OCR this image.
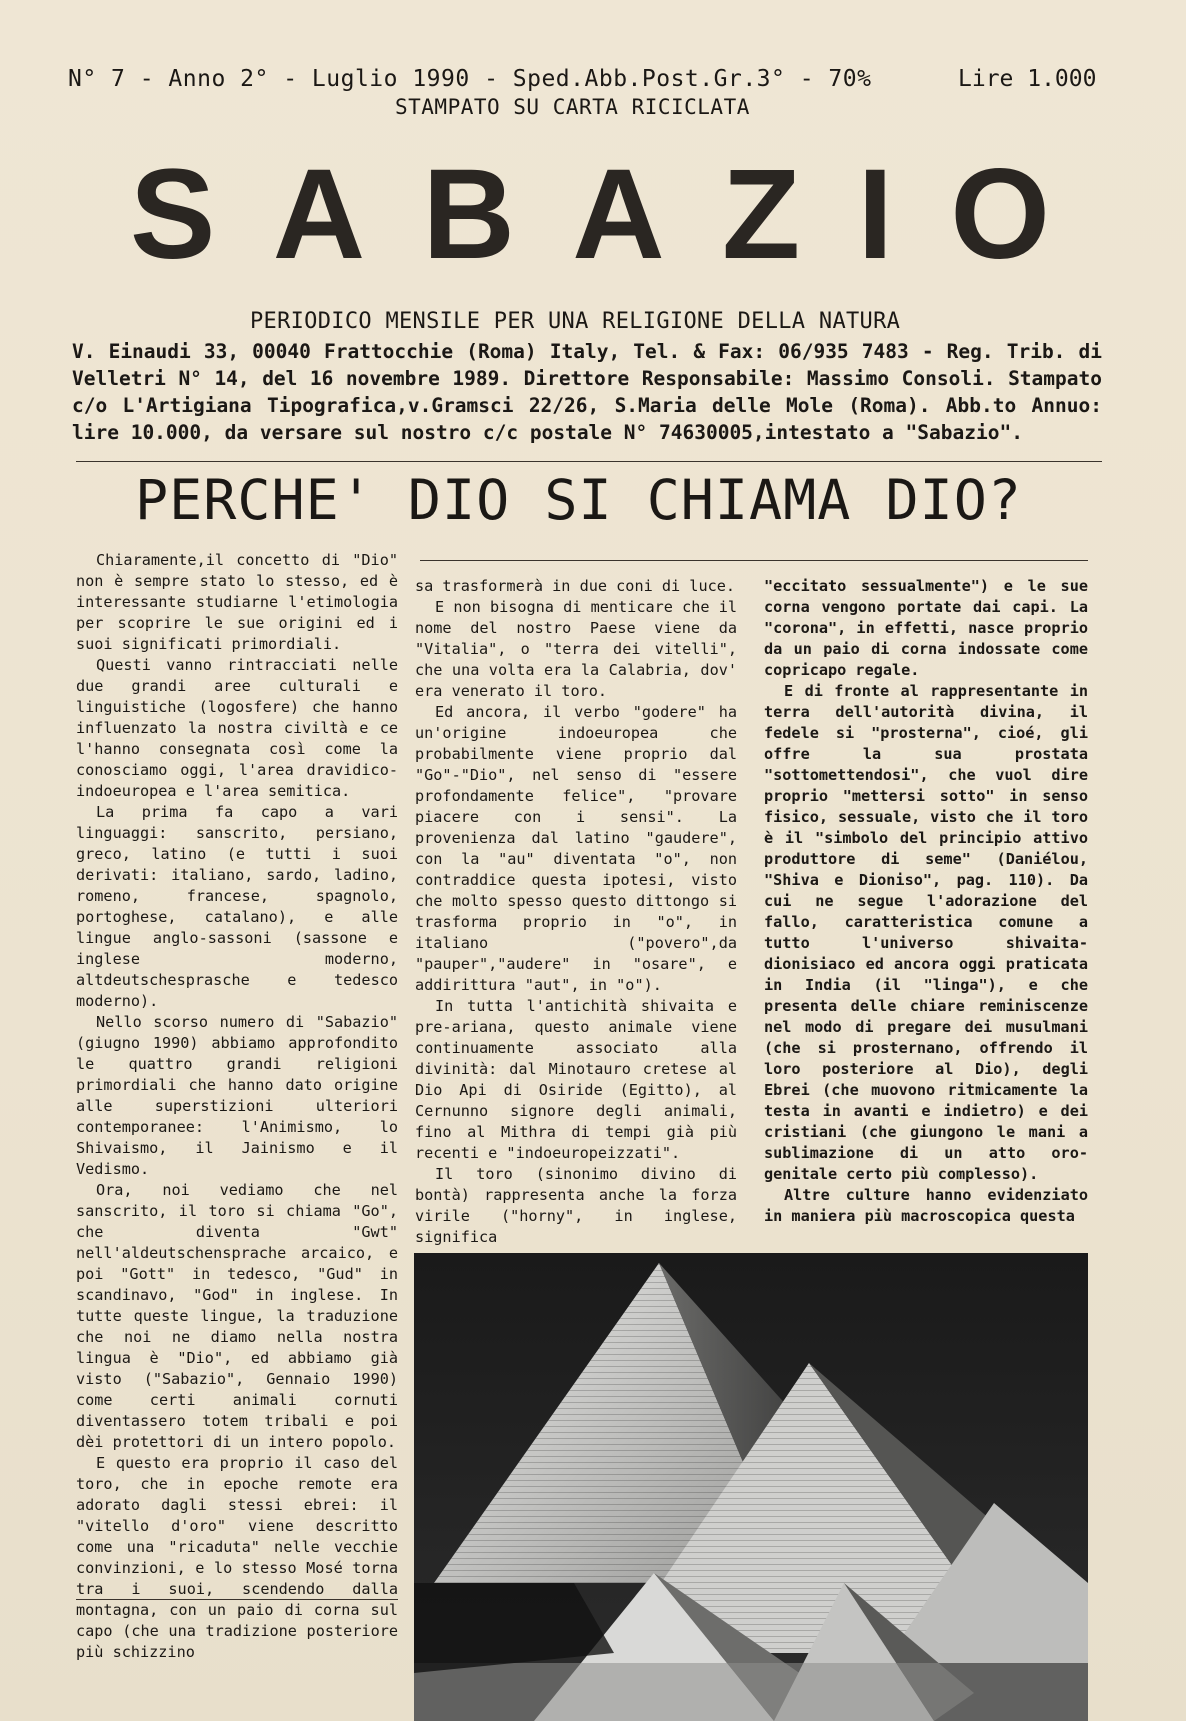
N° 7 - Anno 2° - Luglio 1990 - Sped.Abb.Post.Gr.3° - 70%	Lire 1.000
STAMPATO SU CARTA RICICLATA
S A B A Z I O
PERIODICO MENSILE PER UNA RELIGIONE DELLA NATURA
V. Einaudi 33, 00040 Frattocchie (Roma) Italy, Tel. & Fax: 06/935 7483 - Reg. Trib. di Velletri N° 14, del 16 novembre 1989. Direttore Responsabile: Massimo Consoli. Stampato c/o L'Artigiana Tipografica,v.Gramsci 22/26, S.Maria delle Mole (Roma). Abb.to Annuo: lire 10.000, da versare sul nostro c/c postale N° 74630005,intestato a "Sabazio".
PERCHE' DIO SI CHIAMA DIO?

Chiaramente,il concetto di "Dio" non è sempre stato lo stesso, ed è interessante studiarne l'etimologia per scoprire le sue origini ed i suoi significati primordiali.

Questi vanno rintracciati nelle due grandi aree culturali e linguistiche (logosfere) che hanno influenzato la nostra civiltà e ce l'hanno consegnata così come la conosciamo oggi, l'area dravidico-indoeuropea e l'area semitica.

La prima fa capo a vari linguaggi: sanscrito, persiano, greco, latino (e tutti i suoi derivati: italiano, sardo, ladino, romeno, francese, spagnolo, portoghese, catalano), e alle lingue anglo-sassoni (sassone e inglese moderno, altdeutschesprasche e tedesco moderno).

Nello scorso numero di "Sabazio" (giugno 1990) abbiamo approfondito le quattro grandi religioni primordiali che hanno dato origine alle superstizioni ulteriori contemporanee: l'Animismo, lo Shivaismo, il Jainismo e il Vedismo.

Ora, noi vediamo che nel sanscrito, il toro si chiama "Go", che diventa "Gwt" nell'aldeutschensprache arcaico, e poi "Gott" in tedesco, "Gud" in scandinavo, "God" in inglese. In tutte queste lingue, la traduzione che noi ne diamo nella nostra lingua è "Dio", ed abbiamo già visto ("Sabazio", Gennaio 1990) come certi animali cornuti diventassero totem tribali e poi dèi protettori di un intero popolo.

E questo era proprio il caso del toro, che in epoche remote era adorato dagli stessi ebrei: il "vitello d'oro" viene descritto come una "ricaduta" nelle vecchie convinzioni, e lo stesso Mosé torna tra i suoi, scendendo dalla montagna, con un paio di corna sul capo (che una tradizione posteriore più schizzino

sa trasformerà in due coni di luce.

E non bisogna di menticare che il nome del nostro Paese viene da "Vitalia", o "terra dei vitelli", che una volta era la Calabria, dov' era venerato il toro.

Ed ancora, il verbo "godere" ha un'origine indoeuropea che probabilmente viene proprio dal "Go"-"Dio", nel senso di "essere profondamente felice", "provare piacere con i sensi". La provenienza dal latino "gaudere", con la "au" diventata "o", non contraddice questa ipotesi, visto che molto spesso questo dittongo si trasforma proprio in "o", in italiano ("povero",da "pauper","audere" in "osare", e addirittura "aut", in "o").

In tutta l'antichità shivaita e pre-ariana, questo animale viene continuamente associato alla divinità: dal Minotauro cretese al Dio Api di Osiride (Egitto), al Cernunno signore degli animali, fino al Mithra di tempi già più recenti e "indoeuropeizzati".

Il toro (sinonimo divino di bontà) rappresenta anche la forza virile ("horny", in inglese, significa

"eccitato sessualmente") e le sue corna vengono portate dai capi. La "corona", in effetti, nasce proprio da un paio di corna indossate come copricapo regale.

E di fronte al rappresentante in terra dell'autorità divina, il fedele si "prosterna", cioé, gli offre la sua prostata "sottomettendosi", che vuol dire proprio "mettersi sotto" in senso fisico, sessuale, visto che il toro è il "simbolo del principio attivo produttore di seme" (Daniélou, "Shiva e Dioniso", pag. 110). Da cui ne segue l'adorazione del fallo, caratteristica comune a tutto l'universo shivaita-dionisiaco ed ancora oggi praticata in India (il "linga"), e che presenta delle chiare reminiscenze nel modo di pregare dei musulmani (che si prosternano, offrendo il loro posteriore al Dio), degli Ebrei (che muovono ritmicamente la testa in avanti e indietro) e dei cristiani (che giungono le mani a sublimazione di un atto oro-genitale certo più complesso).

Altre culture hanno evidenziato in maniera più macroscopica questa
